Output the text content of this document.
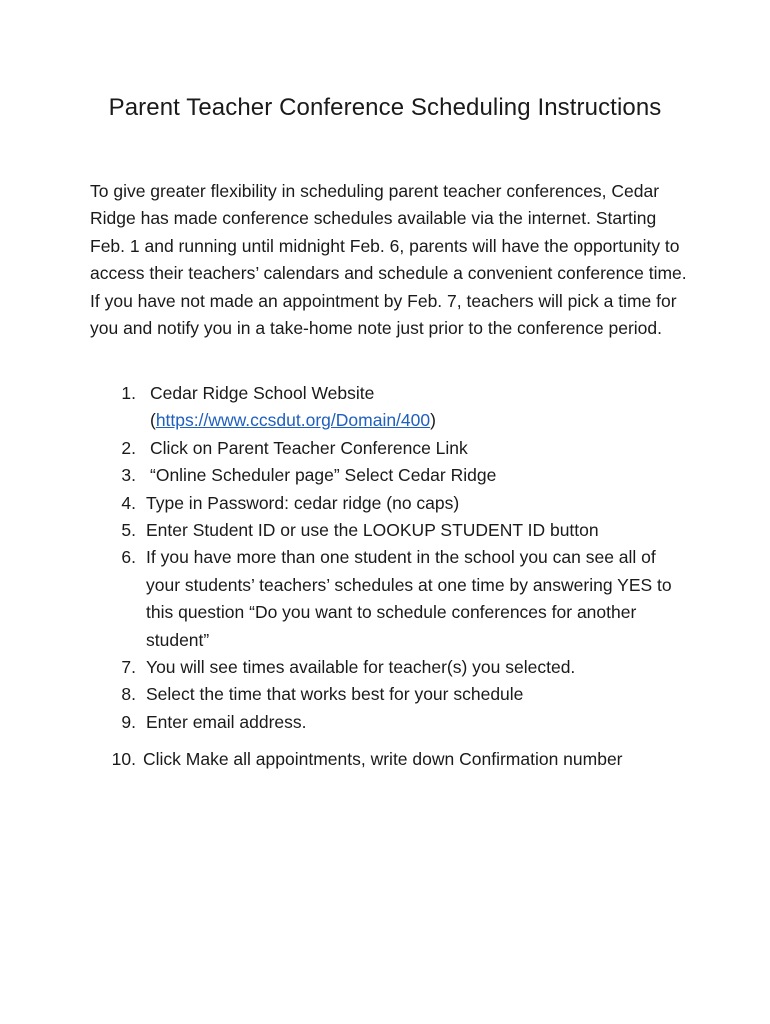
Parent Teacher Conference Scheduling Instructions

To give greater flexibility in scheduling parent teacher conferences, Cedar Ridge has made conference schedules available via the internet. Starting Feb. 1 and running until midnight Feb. 6, parents will have the opportunity to access their teachers’ calendars and schedule a convenient conference time. If you have not made an appointment by Feb. 7, teachers will pick a time for you and notify you in a take-home note just prior to the conference period.

1. Cedar Ridge School Website
(https://www.ccsdut.org/Domain/400)
2. Click on Parent Teacher Conference Link
3. “Online Scheduler page” Select Cedar Ridge
4. Type in Password: cedar ridge (no caps)
5. Enter Student ID or use the LOOKUP STUDENT ID button
6. If you have more than one student in the school you can see all of your students’ teachers’ schedules at one time by answering YES to this question “Do you want to schedule conferences for another student”
7. You will see times available for teacher(s) you selected.
8. Select the time that works best for your schedule
9. Enter email address.
10. Click Make all appointments, write down Confirmation number
